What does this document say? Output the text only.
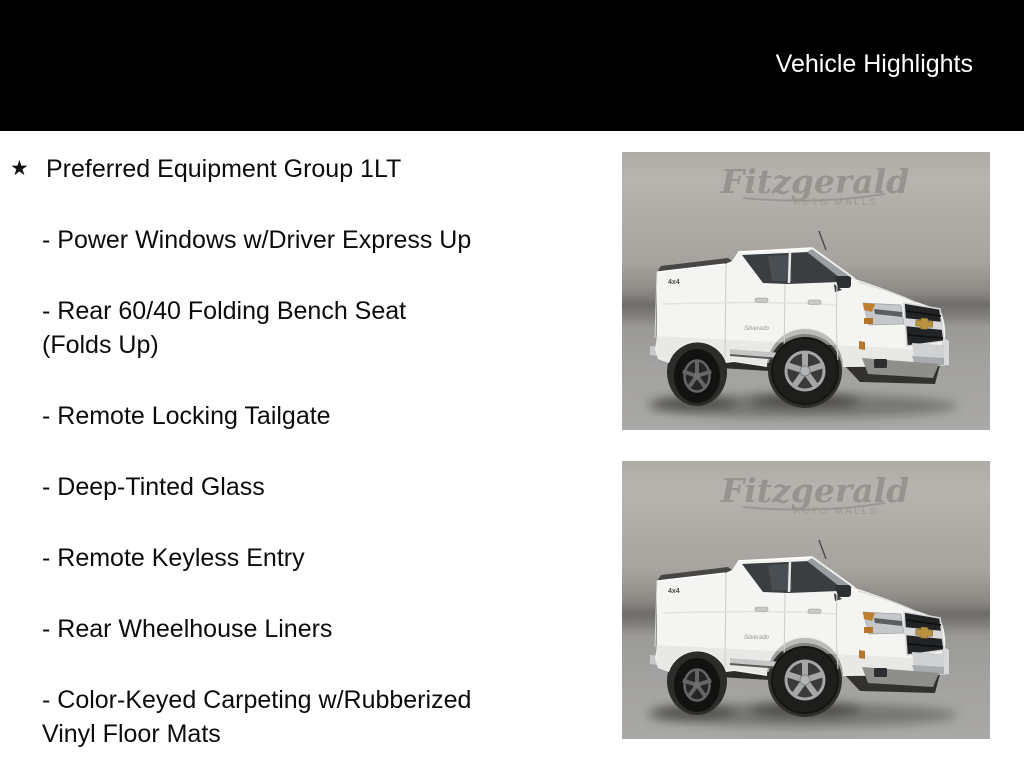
Vehicle Highlights
★ Preferred Equipment Group 1LT
- Power Windows w/Driver Express Up
- Rear 60/40 Folding Bench Seat
(Folds Up)
- Remote Locking Tailgate
- Deep-Tinted Glass
- Remote Keyless Entry
- Rear Wheelhouse Liners
- Color-Keyed Carpeting w/Rubberized
Vinyl Floor Mats
